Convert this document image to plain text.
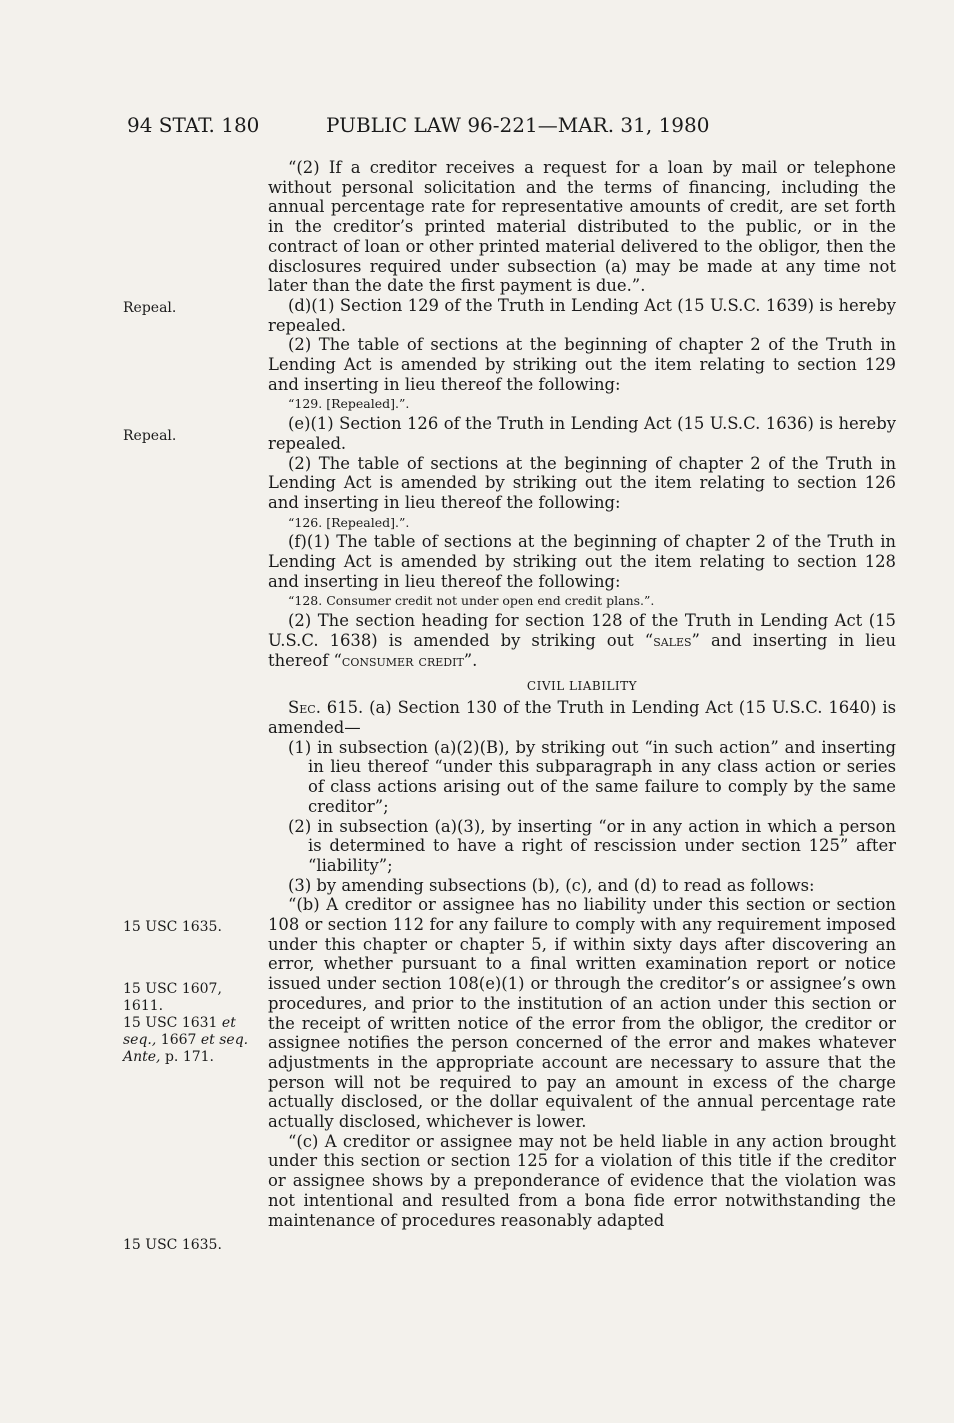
94 STAT. 180	PUBLIC LAW 96-221—MAR. 31, 1980
Repeal.
Repeal.
15 USC 1635.
15 USC 1607,
1611.
15 USC 1631 et
seq., 1667 et seq.
Ante, p. 171.
15 USC 1635.

“(2) If a creditor receives a request for a loan by mail or telephone without personal solicitation and the terms of financing, including the annual percentage rate for representative amounts of credit, are set forth in the creditor’s printed material distributed to the public, or in the contract of loan or other printed material delivered to the obligor, then the disclosures required under subsection (a) may be made at any time not later than the date the first payment is due.”.

(d)(1) Section 129 of the Truth in Lending Act (15 U.S.C. 1639) is hereby repealed.

(2) The table of sections at the beginning of chapter 2 of the Truth in Lending Act is amended by striking out the item relating to section 129 and inserting in lieu thereof the following:

“129. [Repealed].”.

(e)(1) Section 126 of the Truth in Lending Act (15 U.S.C. 1636) is hereby repealed.

(2) The table of sections at the beginning of chapter 2 of the Truth in Lending Act is amended by striking out the item relating to section 126 and inserting in lieu thereof the following:

“126. [Repealed].”.

(f)(1) The table of sections at the beginning of chapter 2 of the Truth in Lending Act is amended by striking out the item relating to section 128 and inserting in lieu thereof the following:

“128. Consumer credit not under open end credit plans.”.

(2) The section heading for section 128 of the Truth in Lending Act (15 U.S.C. 1638) is amended by striking out “sales” and inserting in lieu thereof “consumer credit”.

CIVIL LIABILITY

Sec. 615. (a) Section 130 of the Truth in Lending Act (15 U.S.C. 1640) is amended—

(1) in subsection (a)(2)(B), by striking out “in such action” and inserting in lieu thereof “under this subparagraph in any class action or series of class actions arising out of the same failure to comply by the same creditor”;

(2) in subsection (a)(3), by inserting “or in any action in which a person is determined to have a right of rescission under section 125” after “liability”;

(3) by amending subsections (b), (c), and (d) to read as follows:

“(b) A creditor or assignee has no liability under this section or section 108 or section 112 for any failure to comply with any requirement imposed under this chapter or chapter 5, if within sixty days after discovering an error, whether pursuant to a final written examination report or notice issued under section 108(e)(1) or through the creditor’s or assignee’s own procedures, and prior to the institution of an action under this section or the receipt of written notice of the error from the obligor, the creditor or assignee notifies the person concerned of the error and makes whatever adjustments in the appropriate account are necessary to assure that the person will not be required to pay an amount in excess of the charge actually disclosed, or the dollar equivalent of the annual percentage rate actually disclosed, whichever is lower.

“(c) A creditor or assignee may not be held liable in any action brought under this section or section 125 for a violation of this title if the creditor or assignee shows by a preponderance of evidence that the violation was not intentional and resulted from a bona fide error notwithstanding the maintenance of procedures reasonably adapted
